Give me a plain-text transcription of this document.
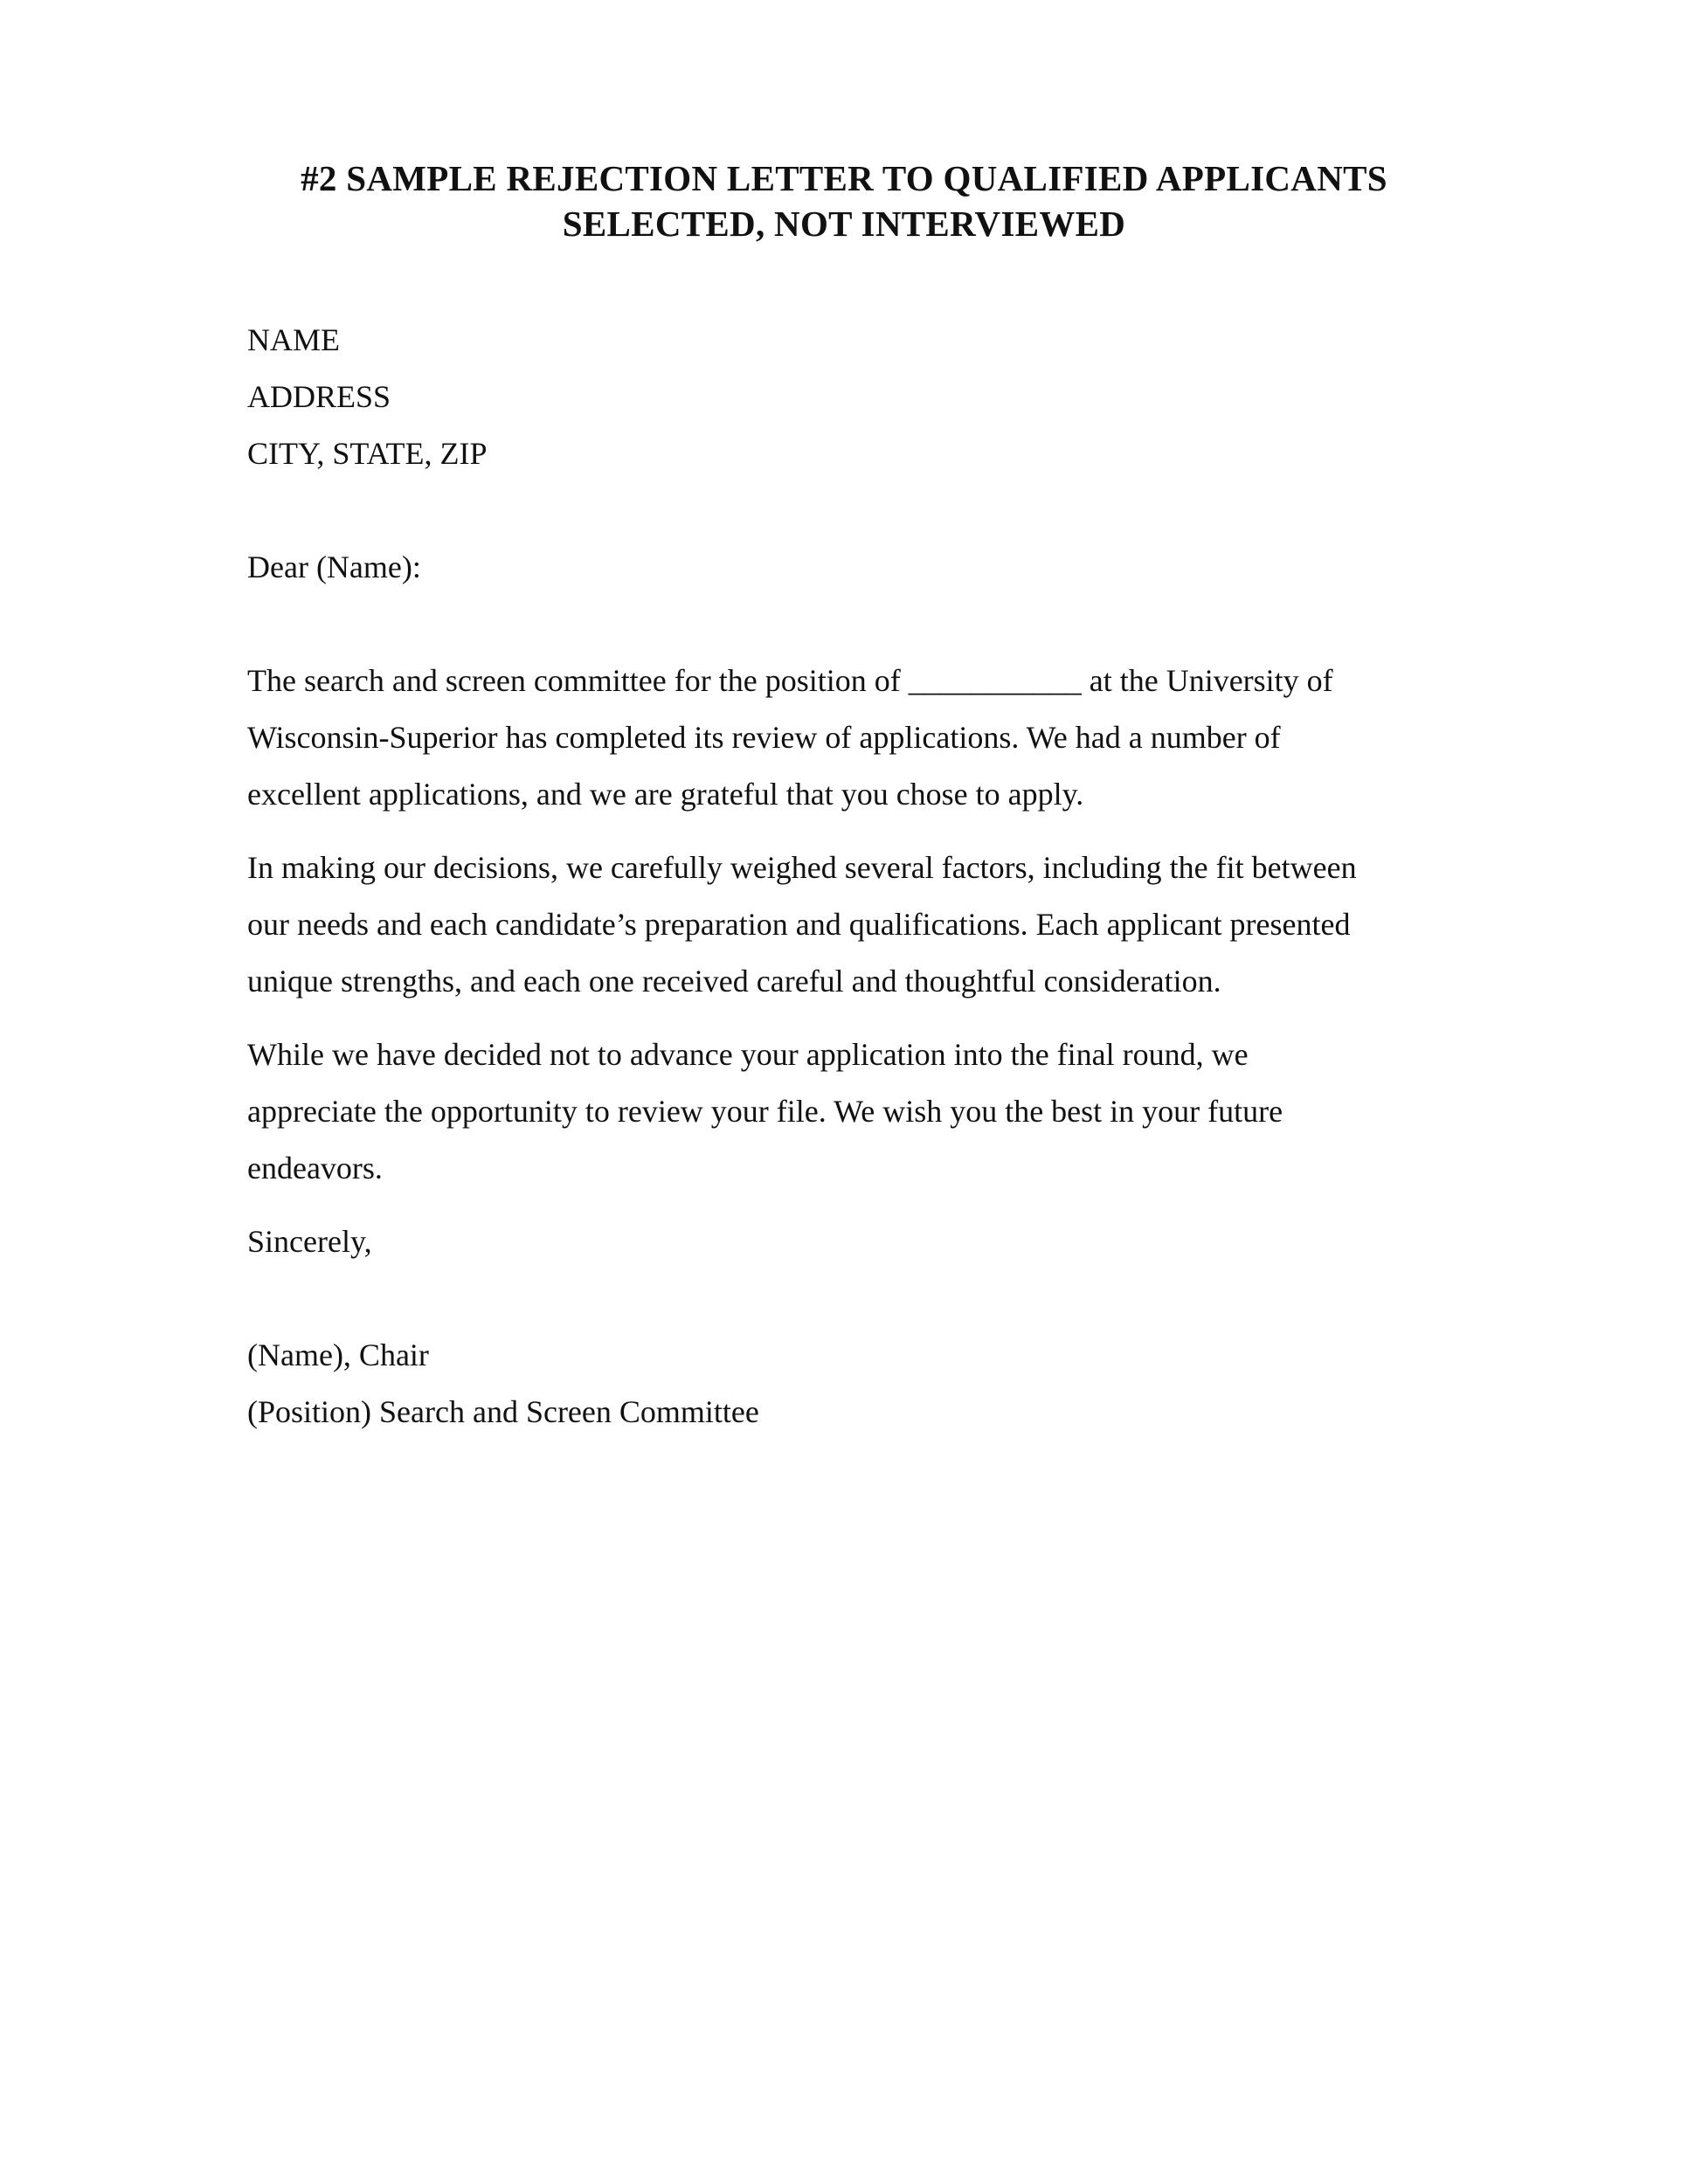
#2 SAMPLE REJECTION LETTER TO QUALIFIED APPLICANTS
SELECTED, NOT INTERVIEWED
NAME
ADDRESS
CITY, STATE, ZIP
Dear (Name):
The search and screen committee for the position of ___________ at the University of
Wisconsin-Superior has completed its review of applications. We had a number of
excellent applications, and we are grateful that you chose to apply.
In making our decisions, we carefully weighed several factors, including the fit between
our needs and each candidate’s preparation and qualifications. Each applicant presented
unique strengths, and each one received careful and thoughtful consideration.
While we have decided not to advance your application into the final round, we
appreciate the opportunity to review your file. We wish you the best in your future
endeavors.
Sincerely,
(Name), Chair
(Position) Search and Screen Committee
